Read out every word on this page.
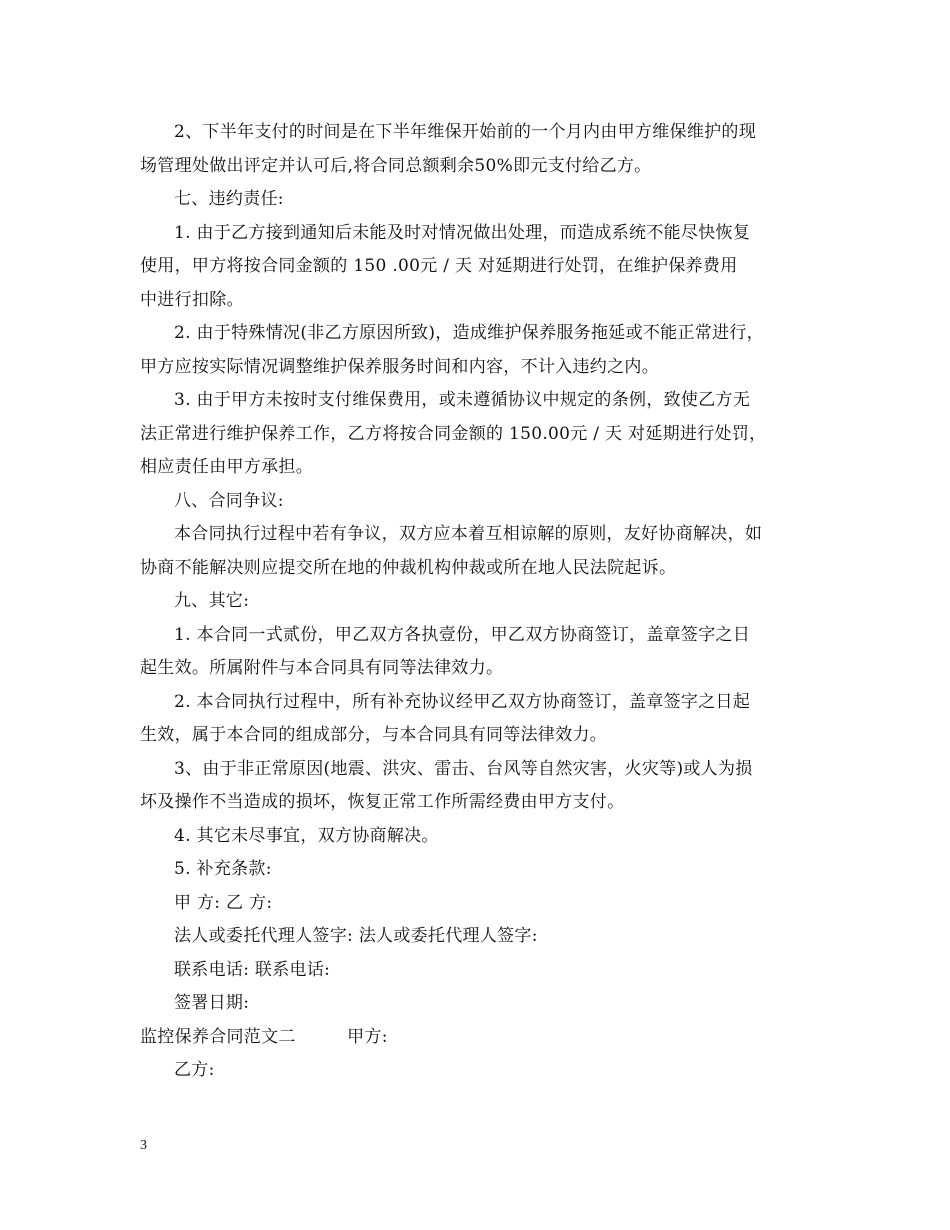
2、下半年支付的时间是在下半年维保开始前的一个月内由甲方维保维护的现
场管理处做出评定并认可后,将合同总额剩余50%即元支付给乙方。
七、违约责任:
1. 由于乙方接到通知后未能及时对情况做出处理，而造成系统不能尽快恢复
使用，甲方将按合同金额的 150 .00元 / 天 对延期进行处罚，在维护保养费用
中进行扣除。
2. 由于特殊情况(非乙方原因所致)，造成维护保养服务拖延或不能正常进行，
甲方应按实际情况调整维护保养服务时间和内容，不计入违约之内。
3. 由于甲方未按时支付维保费用，或未遵循协议中规定的条例，致使乙方无
法正常进行维护保养工作，乙方将按合同金额的 150.00元 / 天 对延期进行处罚，
相应责任由甲方承担。
八、合同争议:
本合同执行过程中若有争议，双方应本着互相谅解的原则，友好协商解决，如
协商不能解决则应提交所在地的仲裁机构仲裁或所在地人民法院起诉。
九、其它:
1. 本合同一式贰份，甲乙双方各执壹份，甲乙双方协商签订，盖章签字之日
起生效。所属附件与本合同具有同等法律效力。
2. 本合同执行过程中，所有补充协议经甲乙双方协商签订，盖章签字之日起
生效，属于本合同的组成部分，与本合同具有同等法律效力。
3、由于非正常原因(地震、洪灾、雷击、台风等自然灾害，火灾等)或人为损
坏及操作不当造成的损坏，恢复正常工作所需经费由甲方支付。
4. 其它未尽事宜，双方协商解决。
5. 补充条款:
甲 方: 乙 方:
法人或委托代理人签字: 法人或委托代理人签字:
联系电话: 联系电话:
签署日期:
监控保养合同范文二	甲方:
乙方:
3
